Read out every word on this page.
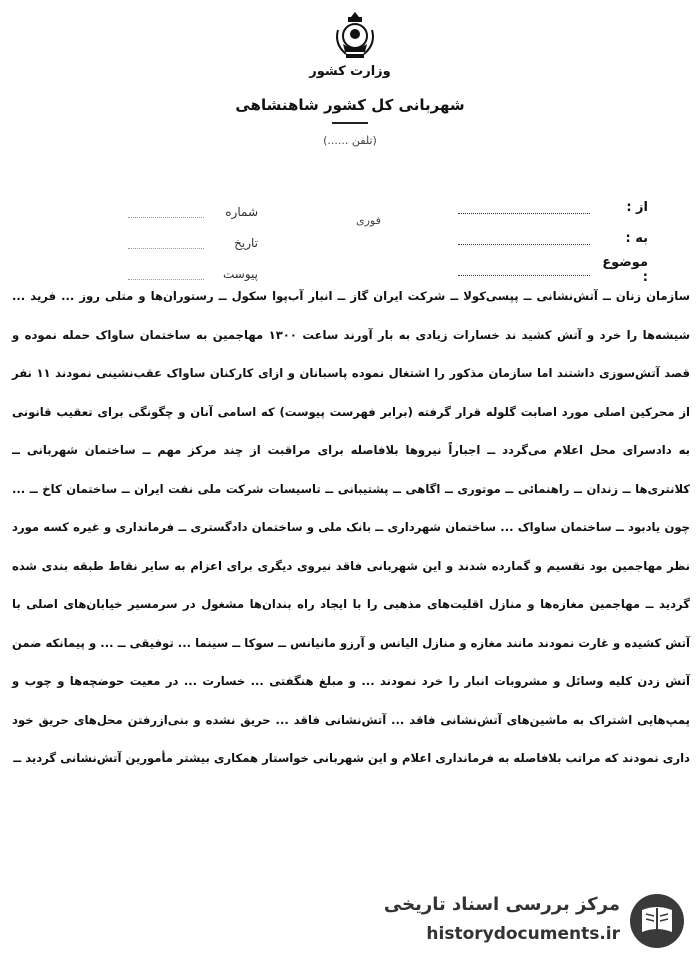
وزارت کشور
شهربانی کل کشور شاهنشاهی
(تلفن ......)
از :
به :
موضوع :
فوری
شماره
تاریخ
پیوست
سازمان زنان ــ آتش‌نشانی ــ پپسی‌کولا ــ شرکت ایران گاز ــ انبار آب‌پوا سکول ــ رستوران‌ها و متلی روز ... فرید ... شیشه‌ها را خرد و آتش کشید ند خسارات زیادی به بار آورند ساعت ۱۳۰۰ مهاجمین به ساختمان ساواک حمله نموده و قصد آتش‌سوزی داشتند اما سازمان مذکور را اشتغال نموده پاسبانان و ازای کارکنان ساواک عقب‌نشینی نمودند ۱۱ نفر از محرکین اصلی مورد اصابت گلوله قرار گرفته (برابر فهرست پیوست) که اسامی آنان و چگونگی برای تعقیب قانونی به دادسرای محل اعلام می‌گردد ــ اجباراً نیروها بلافاصله برای مراقبت از چند مرکز مهم ــ ساختمان شهربانی ــ کلانتری‌ها ــ زندان ــ راهنمائی ــ موتوری ــ اگاهی ــ پشتیبانی ــ تاسیسات شرکت ملی نفت ایران ــ ساختمان کاخ ــ ... چون یادبود ــ ساختمان ساواک ... ساختمان شهرداری ــ بانک ملی و ساختمان دادگستری ــ فرمانداری و غیره کسه مورد نظر مهاجمین بود تقسیم و گمارده شدند و این شهربانی فاقد نیروی دیگری برای اعزام به سایر نقاط طبقه بندی شده گردید ــ مهاجمین مغازه‌ها و منازل اقلیت‌های مذهبی را با ایجاد راه بندان‌ها مشغول در سرمسیر خیابان‌های اصلی با آتش کشیده و غارت نمودند مانند مغازه و منازل الیانس و آرزو مانیانس ــ سوکا ــ سینما ... توفیقی ــ ... و پیمانکه ضمن آتش زدن کلیه وسائل و مشروبات انبار را خرد نمودند ... و مبلغ هنگفتی ... خسارت ... در معیت حوضچه‌ها و چوب و پمپ‌هایی اشتراک به ماشین‌های آتش‌نشانی فاقد ... آتش‌نشانی فاقد ... حریق نشده و بنی‌ازرفتن محل‌های حریق خود داری نمودند که مراتب بلافاصله به فرمانداری اعلام و این شهربانی خواستار همکاری بیشتر مأمورین آتش‌نشانی گردید ــ
مرکز بررسی اسناد تاریخی
historydocuments.ir
